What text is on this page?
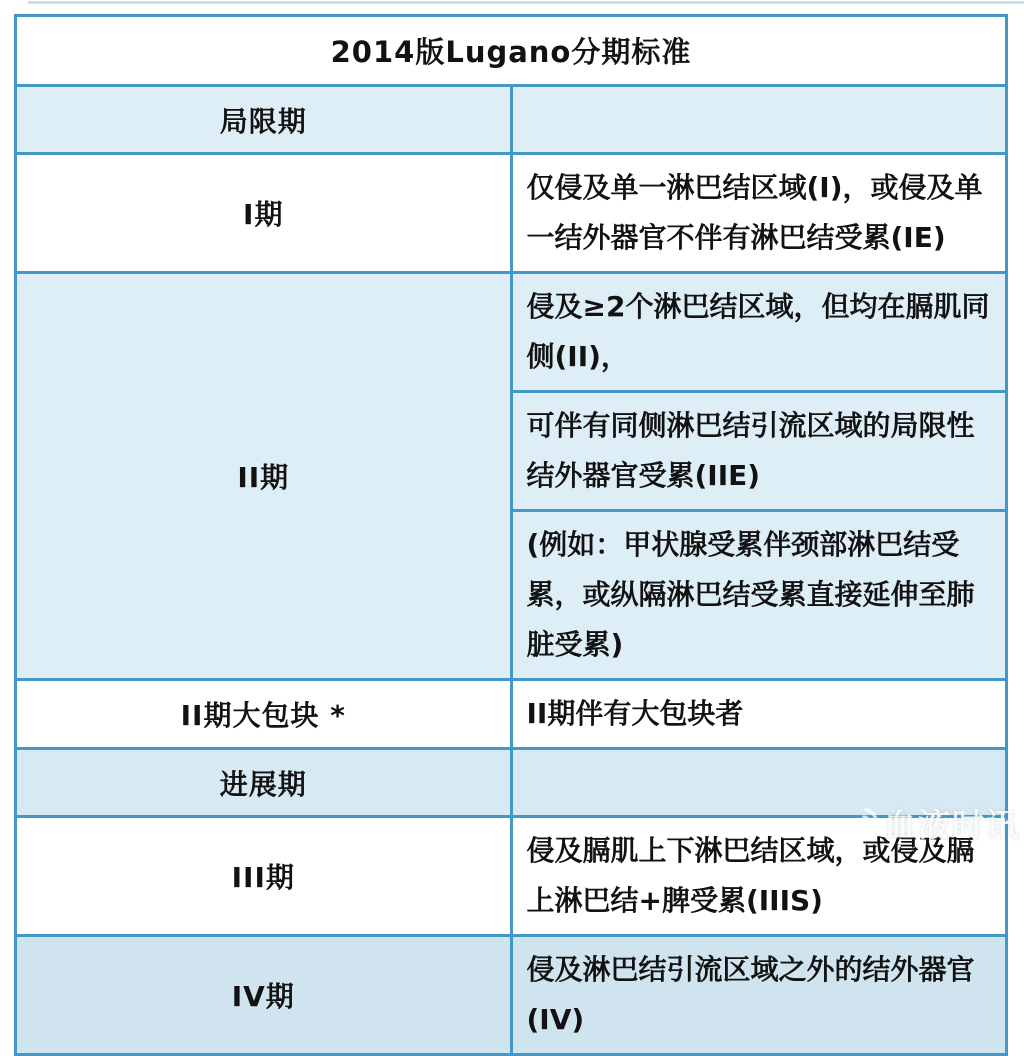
2014版Lugano分期标准	
局限期	
I期	仅侵及单一淋巴结区域(I)，或侵及单一结外器官不伴有淋巴结受累(IE)
II期	侵及≥2个淋巴结区域，但均在膈肌同侧(II)，
	可伴有同侧淋巴结引流区域的局限性结外器官受累(IIE)
	(例如：甲状腺受累伴颈部淋巴结受累，或纵隔淋巴结受累直接延伸至肺脏受累)
II期大包块 *	II期伴有大包块者
进展期	
III期	侵及膈肌上下淋巴结区域，或侵及膈上淋巴结+脾受累(IIIS)
IV期	侵及淋巴结引流区域之外的结外器官(IV)
血液时讯
